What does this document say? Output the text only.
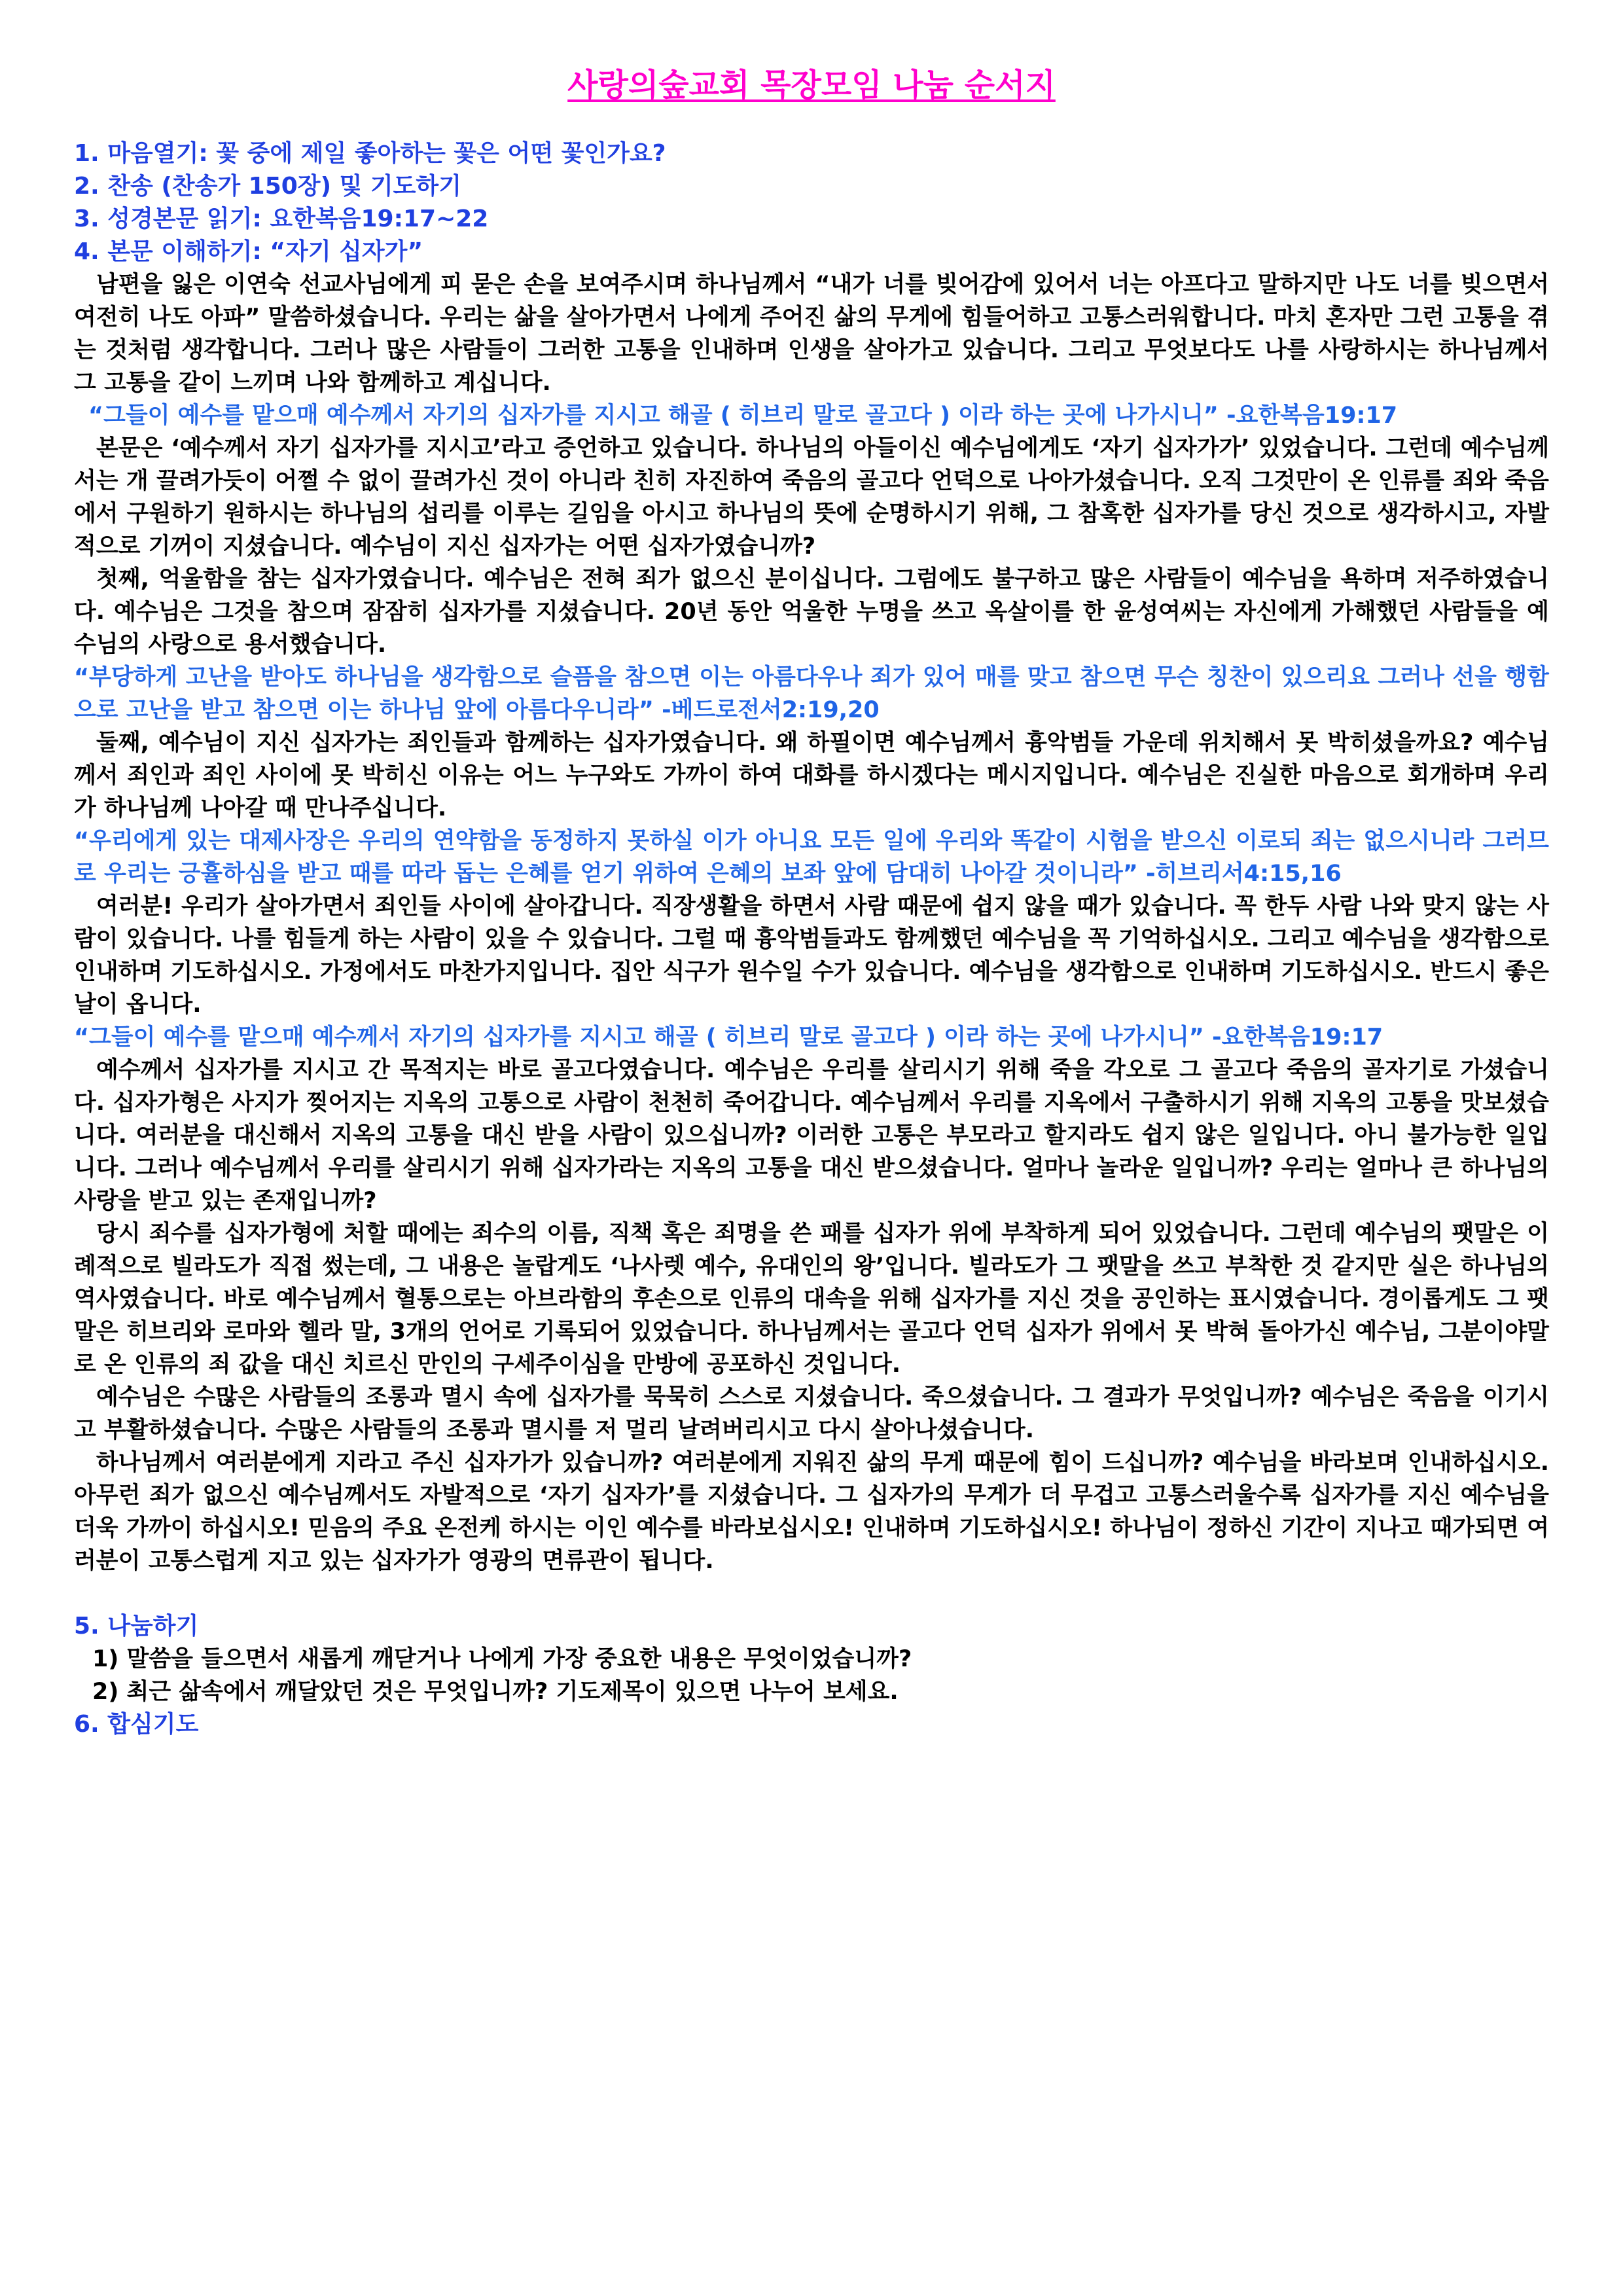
사랑의숲교회 목장모임 나눔 순서지
1. 마음열기: 꽃 중에 제일 좋아하는 꽃은 어떤 꽃인가요?
2. 찬송 (찬송가 150장) 및 기도하기
3. 성경본문 읽기: 요한복음19:17~22
4. 본문 이해하기: “자기 십자가”
남편을 잃은 이연숙 선교사님에게 피 묻은 손을 보여주시며 하나님께서 “내가 너를 빚어감에 있어서 너는 아프다고 말하지만 나도 너를 빚으면서 여전히 나도 아파” 말씀하셨습니다. 우리는 삶을 살아가면서 나에게 주어진 삶의 무게에 힘들어하고 고통스러워합니다. 마치 혼자만 그런 고통을 겪는 것처럼 생각합니다. 그러나 많은 사람들이 그러한 고통을 인내하며 인생을 살아가고 있습니다. 그리고 무엇보다도 나를 사랑하시는 하나님께서 그 고통을 같이 느끼며 나와 함께하고 계십니다.
“그들이 예수를 맡으매 예수께서 자기의 십자가를 지시고 해골 ( 히브리 말로 골고다 ) 이라 하는 곳에 나가시니” -요한복음19:17
본문은 ‘예수께서 자기 십자가를 지시고’라고 증언하고 있습니다. 하나님의 아들이신 예수님에게도 ‘자기 십자가가’ 있었습니다. 그런데 예수님께서는 개 끌려가듯이 어쩔 수 없이 끌려가신 것이 아니라 친히 자진하여 죽음의 골고다 언덕으로 나아가셨습니다. 오직 그것만이 온 인류를 죄와 죽음에서 구원하기 원하시는 하나님의 섭리를 이루는 길임을 아시고 하나님의 뜻에 순명하시기 위해, 그 참혹한 십자가를 당신 것으로 생각하시고, 자발적으로 기꺼이 지셨습니다. 예수님이 지신 십자가는 어떤 십자가였습니까?
첫째, 억울함을 참는 십자가였습니다. 예수님은 전혀 죄가 없으신 분이십니다. 그럼에도 불구하고 많은 사람들이 예수님을 욕하며 저주하였습니다. 예수님은 그것을 참으며 잠잠히 십자가를 지셨습니다. 20년 동안 억울한 누명을 쓰고 옥살이를 한 윤성여씨는 자신에게 가해했던 사람들을 예수님의 사랑으로 용서했습니다.
“부당하게 고난을 받아도 하나님을 생각함으로 슬픔을 참으면 이는 아름다우나 죄가 있어 매를 맞고 참으면 무슨 칭찬이 있으리요 그러나 선을 행함으로 고난을 받고 참으면 이는 하나님 앞에 아름다우니라” -베드로전서2:19,20
둘째, 예수님이 지신 십자가는 죄인들과 함께하는 십자가였습니다. 왜 하필이면 예수님께서 흉악범들 가운데 위치해서 못 박히셨을까요? 예수님께서 죄인과 죄인 사이에 못 박히신 이유는 어느 누구와도 가까이 하여 대화를 하시겠다는 메시지입니다. 예수님은 진실한 마음으로 회개하며 우리가 하나님께 나아갈 때 만나주십니다.
“우리에게 있는 대제사장은 우리의 연약함을 동정하지 못하실 이가 아니요 모든 일에 우리와 똑같이 시험을 받으신 이로되 죄는 없으시니라 그러므로 우리는 긍휼하심을 받고 때를 따라 돕는 은혜를 얻기 위하여 은혜의 보좌 앞에 담대히 나아갈 것이니라” -히브리서4:15,16
여러분! 우리가 살아가면서 죄인들 사이에 살아갑니다. 직장생활을 하면서 사람 때문에 쉽지 않을 때가 있습니다. 꼭 한두 사람 나와 맞지 않는 사람이 있습니다. 나를 힘들게 하는 사람이 있을 수 있습니다. 그럴 때 흉악범들과도 함께했던 예수님을 꼭 기억하십시오. 그리고 예수님을 생각함으로 인내하며 기도하십시오. 가정에서도 마찬가지입니다. 집안 식구가 원수일 수가 있습니다. 예수님을 생각함으로 인내하며 기도하십시오. 반드시 좋은 날이 옵니다.
“그들이 예수를 맡으매 예수께서 자기의 십자가를 지시고 해골 ( 히브리 말로 골고다 ) 이라 하는 곳에 나가시니” -요한복음19:17
예수께서 십자가를 지시고 간 목적지는 바로 골고다였습니다. 예수님은 우리를 살리시기 위해 죽을 각오로 그 골고다 죽음의 골자기로 가셨습니다. 십자가형은 사지가 찢어지는 지옥의 고통으로 사람이 천천히 죽어갑니다. 예수님께서 우리를 지옥에서 구출하시기 위해 지옥의 고통을 맛보셨습니다. 여러분을 대신해서 지옥의 고통을 대신 받을 사람이 있으십니까? 이러한 고통은 부모라고 할지라도 쉽지 않은 일입니다. 아니 불가능한 일입니다. 그러나 예수님께서 우리를 살리시기 위해 십자가라는 지옥의 고통을 대신 받으셨습니다. 얼마나 놀라운 일입니까? 우리는 얼마나 큰 하나님의 사랑을 받고 있는 존재입니까?
당시 죄수를 십자가형에 처할 때에는 죄수의 이름, 직책 혹은 죄명을 쓴 패를 십자가 위에 부착하게 되어 있었습니다. 그런데 예수님의 팻말은 이례적으로 빌라도가 직접 썼는데, 그 내용은 놀랍게도 ‘나사렛 예수, 유대인의 왕’입니다. 빌라도가 그 팻말을 쓰고 부착한 것 같지만 실은 하나님의 역사였습니다. 바로 예수님께서 혈통으로는 아브라함의 후손으로 인류의 대속을 위해 십자가를 지신 것을 공인하는 표시였습니다. 경이롭게도 그 팻말은 히브리와 로마와 헬라 말, 3개의 언어로 기록되어 있었습니다. 하나님께서는 골고다 언덕 십자가 위에서 못 박혀 돌아가신 예수님, 그분이야말로 온 인류의 죄 값을 대신 치르신 만인의 구세주이심을 만방에 공포하신 것입니다.
예수님은 수많은 사람들의 조롱과 멸시 속에 십자가를 묵묵히 스스로 지셨습니다. 죽으셨습니다. 그 결과가 무엇입니까? 예수님은 죽음을 이기시고 부활하셨습니다. 수많은 사람들의 조롱과 멸시를 저 멀리 날려버리시고 다시 살아나셨습니다.
하나님께서 여러분에게 지라고 주신 십자가가 있습니까? 여러분에게 지워진 삶의 무게 때문에 힘이 드십니까? 예수님을 바라보며 인내하십시오. 아무런 죄가 없으신 예수님께서도 자발적으로 ‘자기 십자가’를 지셨습니다. 그 십자가의 무게가 더 무겁고 고통스러울수록 십자가를 지신 예수님을 더욱 가까이 하십시오! 믿음의 주요 온전케 하시는 이인 예수를 바라보십시오! 인내하며 기도하십시오! 하나님이 정하신 기간이 지나고 때가되면 여러분이 고통스럽게 지고 있는 십자가가 영광의 면류관이 됩니다.
5. 나눔하기
1) 말씀을 들으면서 새롭게 깨닫거나 나에게 가장 중요한 내용은 무엇이었습니까?
2) 최근 삶속에서 깨달았던 것은 무엇입니까? 기도제목이 있으면 나누어 보세요.
6. 합심기도
